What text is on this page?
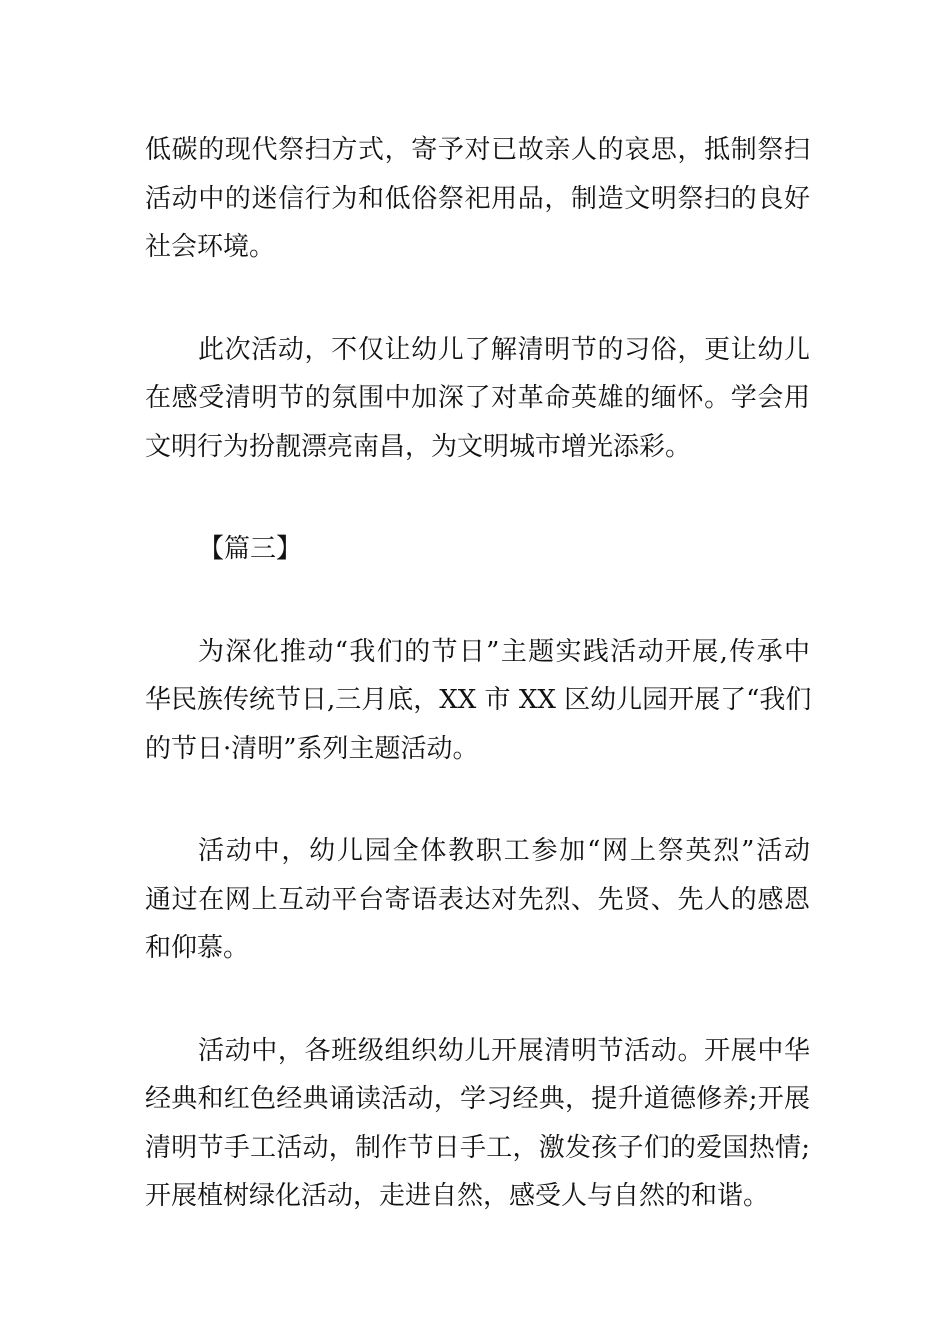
低碳的现代祭扫方式，寄予对已故亲人的哀思，抵制祭扫
活动中的迷信行为和低俗祭祀用品，制造文明祭扫的良好
社会环境。
此次活动，不仅让幼儿了解清明节的习俗，更让幼儿
在感受清明节的氛围中加深了对革命英雄的缅怀。学会用
文明行为扮靓漂亮南昌，为文明城市增光添彩。
【篇三】
为深化推动“我们的节日”主题实践活动开展,传承中
华民族传统节日,三月底，XX 市 XX 区幼儿园开展了“我们
的节日·清明”系列主题活动。
活动中，幼儿园全体教职工参加“网上祭英烈”活动
通过在网上互动平台寄语表达对先烈、先贤、先人的感恩
和仰慕。
活动中，各班级组织幼儿开展清明节活动。开展中华
经典和红色经典诵读活动，学习经典，提升道德修养;开展
清明节手工活动，制作节日手工，激发孩子们的爱国热情;
开展植树绿化活动，走进自然，感受人与自然的和谐。
